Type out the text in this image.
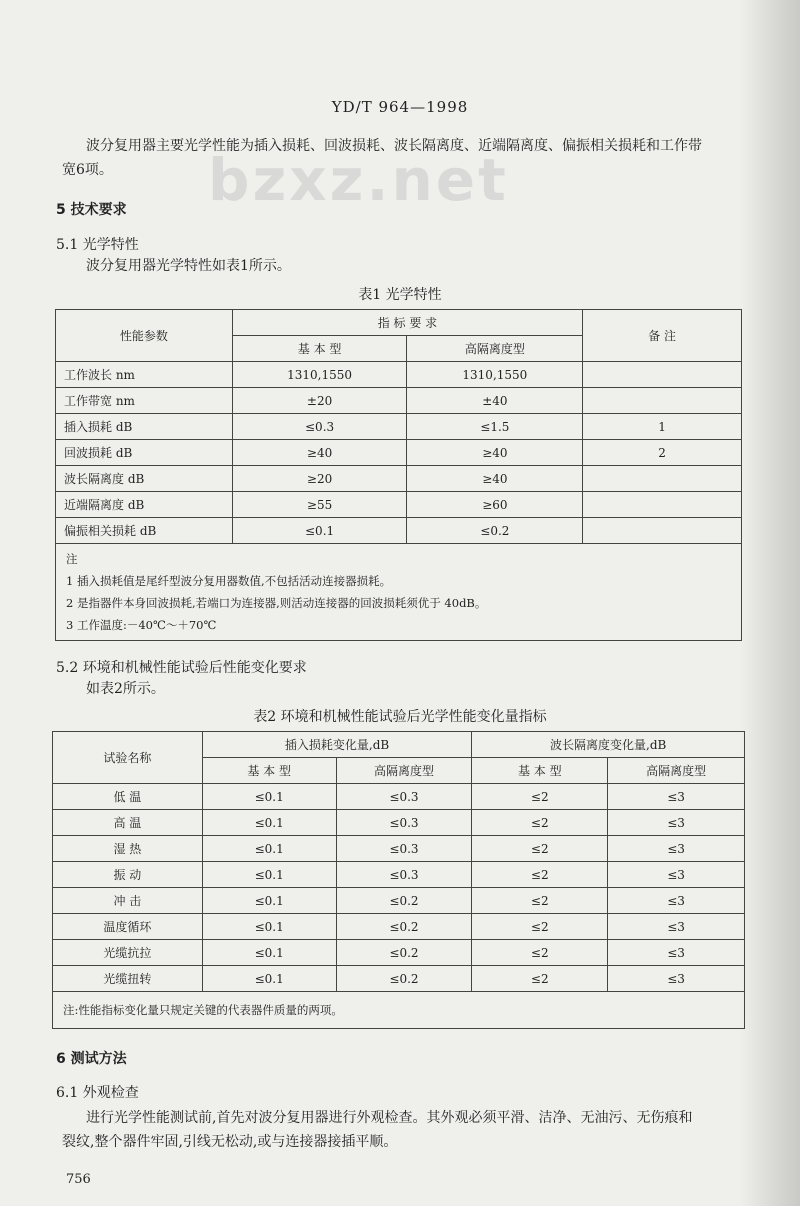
bzxz.net
YD/T 964—1998
波分复用器主要光学性能为插入损耗、回波损耗、波长隔离度、近端隔离度、偏振相关损耗和工作带
宽6项。
5 技术要求
5.1 光学特性
波分复用器光学特性如表1所示。
表1 光学特性
性能参数	指 标 要 求		备 注
	基 本 型	高隔离度型	
工作波长 nm	1310,1550	1310,1550	
工作带宽 nm	±20	±40	
插入损耗 dB	≤0.3	≤1.5	1
回波损耗 dB	≥40	≥40	2
波长隔离度 dB	≥20	≥40	
近端隔离度 dB	≥55	≥60	
偏振相关损耗 dB	≤0.1	≤0.2	

注
1 插入损耗值是尾纤型波分复用器数值,不包括活动连接器损耗。
2 是指器件本身回波损耗,若端口为连接器,则活动连接器的回波损耗须优于 40dB。
3 工作温度:－40℃～＋70℃			
5.2 环境和机械性能试验后性能变化要求
如表2所示。
表2 环境和机械性能试验后光学性能变化量指标
试验名称	插入损耗变化量,dB		波长隔离度变化量,dB	
	基 本 型	高隔离度型	基 本 型	高隔离度型
低 温	≤0.1	≤0.3	≤2	≤3
高 温	≤0.1	≤0.3	≤2	≤3
湿 热	≤0.1	≤0.3	≤2	≤3
振 动	≤0.1	≤0.3	≤2	≤3
冲 击	≤0.1	≤0.2	≤2	≤3
温度循环	≤0.1	≤0.2	≤2	≤3
光缆抗拉	≤0.1	≤0.2	≤2	≤3
光缆扭转	≤0.1	≤0.2	≤2	≤3
注:性能指标变化量只规定关键的代表器件质量的两项。				
6 测试方法
6.1 外观检查
进行光学性能测试前,首先对波分复用器进行外观检查。其外观必须平滑、洁净、无油污、无伤痕和
裂纹,整个器件牢固,引线无松动,或与连接器接插平顺。
756
